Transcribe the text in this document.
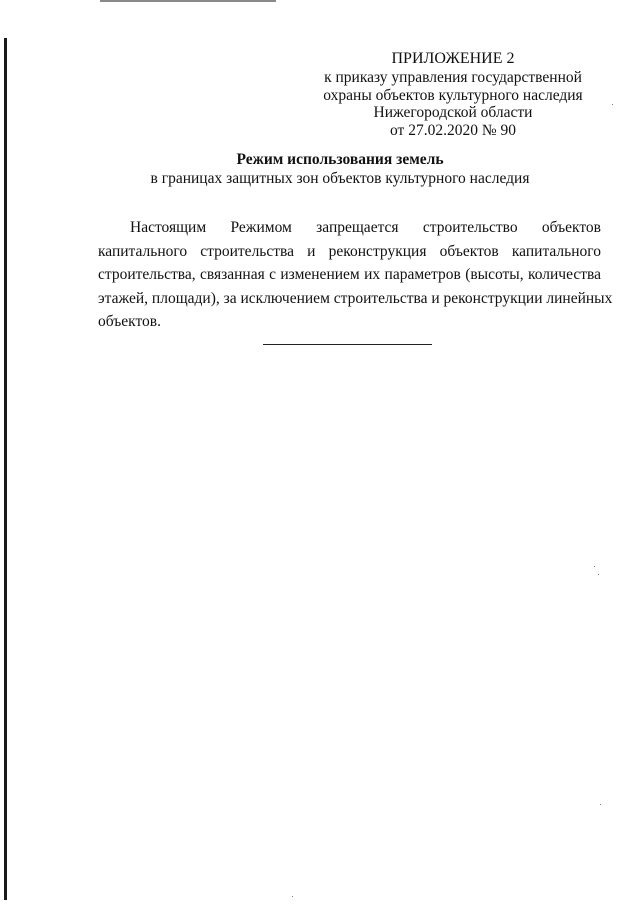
ПРИЛОЖЕНИЕ 2
к приказу управления государственной
охраны объектов культурного наследия
Нижегородской области
от 27.02.2020 № 90
Режим использования земель
в границах защитных зон объектов культурного наследия
Настоящим Режимом запрещается строительство объектов
капитального строительства и реконструкция объектов капитального
строительства, связанная с изменением их параметров (высоты, количества
этажей, площади), за исключением строительства и реконструкции линейных
объектов.
